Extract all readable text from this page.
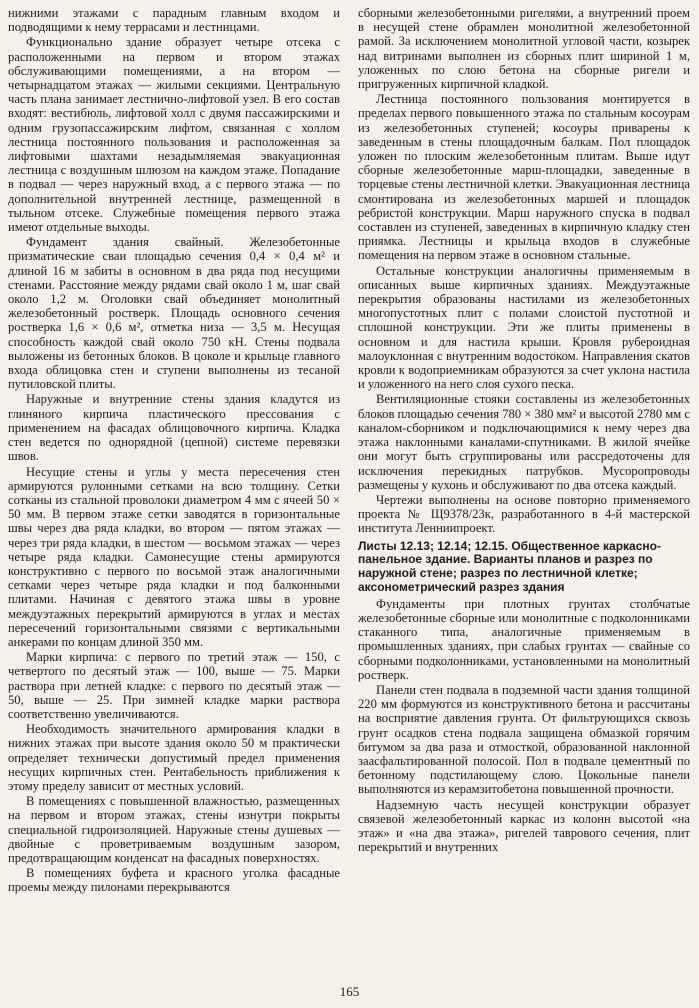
нижними этажами с парадным главным входом и подводящими к нему террасами и лестницами.

Функционально здание образует четыре отсека с расположенными на первом и втором этажах обслуживающими помещениями, а на втором — четырнадцатом этажах — жилыми секциями. Центральную часть плана занимает лестнично-лифтовой узел. В его состав входят: вестибюль, лифтовой холл с двумя пассажирскими и одним грузопассажирским лифтом, связанная с холлом лестница постоянного пользования и расположенная за лифтовыми шахтами незадымляемая эвакуационная лестница с воздушным шлюзом на каждом этаже. Попадание в подвал — через наружный вход, а с первого этажа — по дополнительной внутренней лестнице, размещенной в тыльном отсеке. Служебные помещения первого этажа имеют отдельные выходы.

Фундамент здания свайный. Железобетонные призматические сваи площадью сечения 0,4 × 0,4 м² и длиной 16 м забиты в основном в два ряда под несущими стенами. Расстояние между рядами свай около 1 м, шаг свай около 1,2 м. Оголовки свай объединяет монолитный железобетонный ростверк. Площадь основного сечения ростверка 1,6 × 0,6 м², отметка низа — 3,5 м. Несущая способность каждой свай около 750 кН. Стены подвала выложены из бетонных блоков. В цоколе и крыльце главного входа облицовка стен и ступени выполнены из тесаной путиловской плиты.

Наружные и внутренние стены здания кладутся из глиняного кирпича пластического прессования с применением на фасадах облицовочного кирпича. Кладка стен ведется по однорядной (цепной) системе перевязки швов.

Несущие стены и углы у места пересечения стен армируются рулонными сетками на всю толщину. Сетки сотканы из стальной проволоки диаметром 4 мм с ячеей 50 × 50 мм. В первом этаже сетки заводятся в горизонтальные швы через два ряда кладки, во втором — пятом этажах — через три ряда кладки, в шестом — восьмом этажах — через четыре ряда кладки. Самонесущие стены армируются конструктивно с первого по восьмой этаж аналогичными сетками через четыре ряда кладки и под балконными плитами. Начиная с девятого этажа швы в уровне междуэтажных перекрытий армируются в углах и местах пересечений горизонтальными связями с вертикальными анкерами по концам длиной 350 мм.

Марки кирпича: с первого по третий этаж — 150, с четвертого по десятый этаж — 100, выше — 75. Марки раствора при летней кладке: с первого по десятый этаж — 50, выше — 25. При зимней кладке марки раствора соответственно увеличиваются.

Необходимость значительного армирования кладки в нижних этажах при высоте здания около 50 м практически определяет технически допустимый предел применения несущих кирпичных стен. Рентабельность приближения к этому пределу зависит от местных условий.

В помещениях с повышенной влажностью, размещенных на первом и втором этажах, стены изнутри покрыты специальной гидроизоляцией. Наружные стены душевых — двойные с проветриваемым воздушным зазором, предотвращающим конденсат на фасадных поверхностях.

В помещениях буфета и красного уголка фасадные проемы между пилонами перекрываются

сборными железобетонными ригелями, а внутренний проем в несущей стене обрамлен монолитной железобетонной рамой. За исключением монолитной угловой части, козырек над витринами выполнен из сборных плит шириной 1 м, уложенных по слою бетона на сборные ригели и пригруженных кирпичной кладкой.

Лестница постоянного пользования монтируется в пределах первого повышенного этажа по стальным косоурам из железобетонных ступеней; косоуры приварены к заведенным в стены площадочным балкам. Пол площадок уложен по плоским железобетонным плитам. Выше идут сборные железобетонные марш-площадки, заведенные в торцевые стены лестничной клетки. Эвакуационная лестница смонтирована из железобетонных маршей и площадок ребристой конструкции. Марш наружного спуска в подвал составлен из ступеней, заведенных в кирпичную кладку стен приямка. Лестницы и крыльца входов в служебные помещения на первом этаже в основном стальные.

Остальные конструкции аналогичны применяемым в описанных выше кирпичных зданиях. Междуэтажные перекрытия образованы настилами из железобетонных многопустотных плит с полами слоистой пустотной и сплошной конструкции. Эти же плиты применены в основном и для настила крыши. Кровля рубероидная малоуклонная с внутренним водостоком. Направления скатов кровли к водоприемникам образуются за счет уклона настила и уложенного на него слоя сухого песка.

Вентиляционные стояки составлены из железобетонных блоков площадью сечения 780 × 380 мм² и высотой 2780 мм с каналом-сборником и подключающимися к нему через два этажа наклонными каналами-спутниками. В жилой ячейке они могут быть сгруппированы или рассредоточены для исключения перекидных патрубков. Мусоропроводы размещены у кухонь и обслуживают по два отсека каждый.

Чертежи выполнены на основе повторно применяемого проекта № Щ9378/23к, разработанного в 4-й мастерской института Ленниипроект.

Листы 12.13; 12.14; 12.15. Общественное каркасно-панельное здание. Варианты планов и разрез по наружной стене; разрез по лестничной клетке; аксонометрический разрез здания

Фундаменты при плотных грунтах столбчатые железобетонные сборные или монолитные с подколонниками стаканного типа, аналогичные применяемым в промышленных зданиях, при слабых грунтах — свайные со сборными подколонниками, установленными на монолитный ростверк.

Панели стен подвала в подземной части здания толщиной 220 мм формуются из конструктивного бетона и рассчитаны на восприятие давления грунта. От фильтрующихся сквозь грунт осадков стена подвала защищена обмазкой горячим битумом за два раза и отмосткой, образованной наклонной заасфальтированной полосой. Пол в подвале цементный по бетонному подстилающему слою. Цокольные панели выполняются из керамзитобетона повышенной прочности.

Надземную часть несущей конструкции образует связевой железобетонный каркас из колонн высотой «на этаж» и «на два этажа», ригелей таврового сечения, плит перекрытий и внутренних

165
